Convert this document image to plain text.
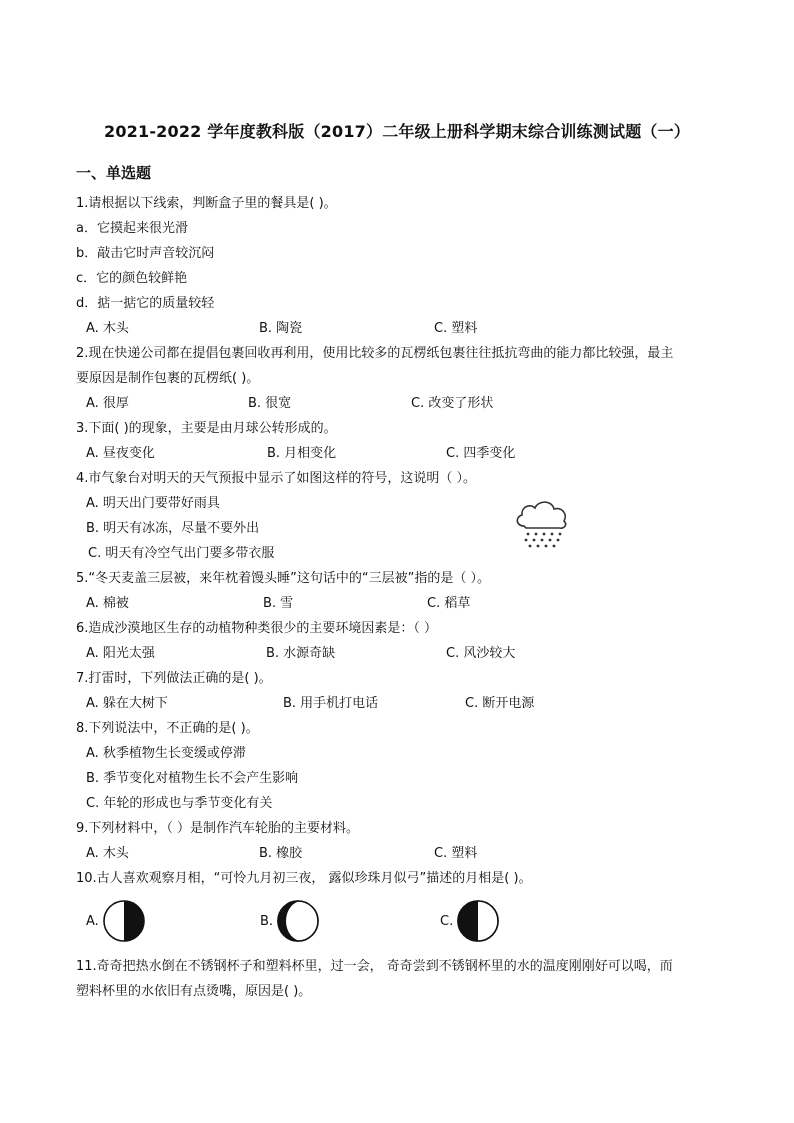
2021-2022 学年度教科版（2017）二年级上册科学期末综合训练测试题（一）
一、单选题
1.请根据以下线索，判断盒子里的餐具是( )。
a．它摸起来很光滑
b．敲击它时声音较沉闷
c．它的颜色较鲜艳
d．掂一掂它的质量较轻
A. 木头	B. 陶瓷	C. 塑料
2.现在快递公司都在提倡包裹回收再利用，使用比较多的瓦楞纸包裹往往抵抗弯曲的能力都比较强，最主
要原因是制作包裹的瓦楞纸( )。
A. 很厚	B. 很宽	C. 改变了形状
3.下面( )的现象，主要是由月球公转形成的。
A. 昼夜变化	B. 月相变化	C. 四季变化
4.市气象台对明天的天气预报中显示了如图这样的符号，这说明（ ）。
A. 明天出门要带好雨具
B. 明天有冰冻，尽量不要外出
C. 明天有冷空气出门要多带衣服
5.“冬天麦盖三层被，来年枕着馒头睡”这句话中的“三层被”指的是（ ）。
A. 棉被	B. 雪	C. 稻草
6.造成沙漠地区生存的动植物种类很少的主要环境因素是：（ ）
A. 阳光太强	B. 水源奇缺	C. 风沙较大
7.打雷时，下列做法正确的是( )。
A. 躲在大树下	B. 用手机打电话	C. 断开电源
8.下列说法中，不正确的是( )。
A. 秋季植物生长变缓或停滞
B. 季节变化对植物生长不会产生影响
C. 年轮的形成也与季节变化有关
9.下列材料中，（ ）是制作汽车轮胎的主要材料。
A. 木头	B. 橡胶	C. 塑料
10.古人喜欢观察月相，“可怜九月初三夜， 露似珍珠月似弓”描述的月相是( )。
A.	B.	C.
11.奇奇把热水倒在不锈钢杯子和塑料杯里，过一会， 奇奇尝到不锈钢杯里的水的温度刚刚好可以喝，而
塑料杯里的水依旧有点烫嘴，原因是( )。
